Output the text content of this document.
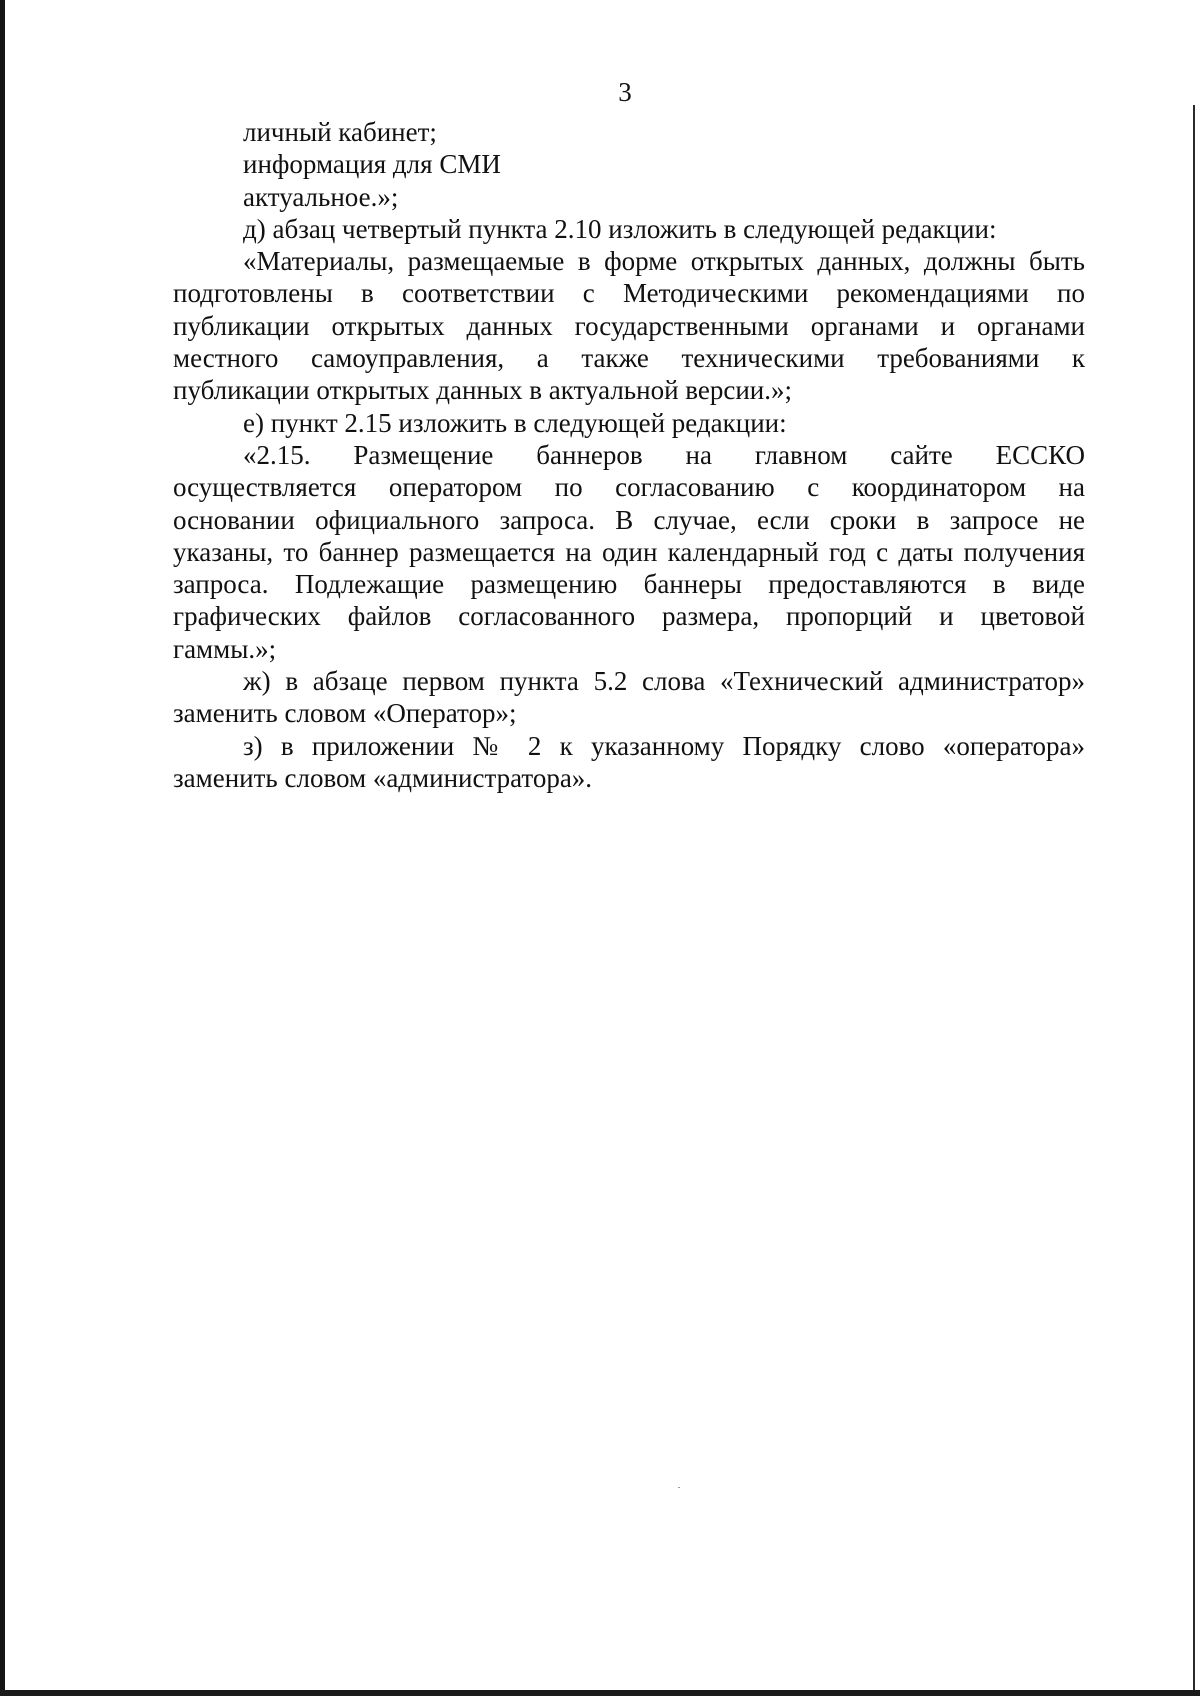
3
личный кабинет;
информация для СМИ
актуальное.»;
д) абзац четвертый пункта 2.10 изложить в следующей редакции:
«Материалы, размещаемые в форме открытых данных, должны быть
подготовлены в соответствии с Методическими рекомендациями по
публикации открытых данных государственными органами и органами
местного самоуправления, а также техническими требованиями к
публикации открытых данных в актуальной версии.»;
е) пункт 2.15 изложить в следующей редакции:
«2.15. Размещение баннеров на главном сайте ЕССКО
осуществляется оператором по согласованию с координатором на
основании официального запроса. В случае, если сроки в запросе не
указаны, то баннер размещается на один календарный год с даты получения
запроса. Подлежащие размещению баннеры предоставляются в виде
графических файлов согласованного размера, пропорций и цветовой
гаммы.»;
ж) в абзаце первом пункта 5.2 слова «Технический администратор»
заменить словом «Оператор»;
з) в приложении № 2 к указанному Порядку слово «оператора»
заменить словом «администратора».
